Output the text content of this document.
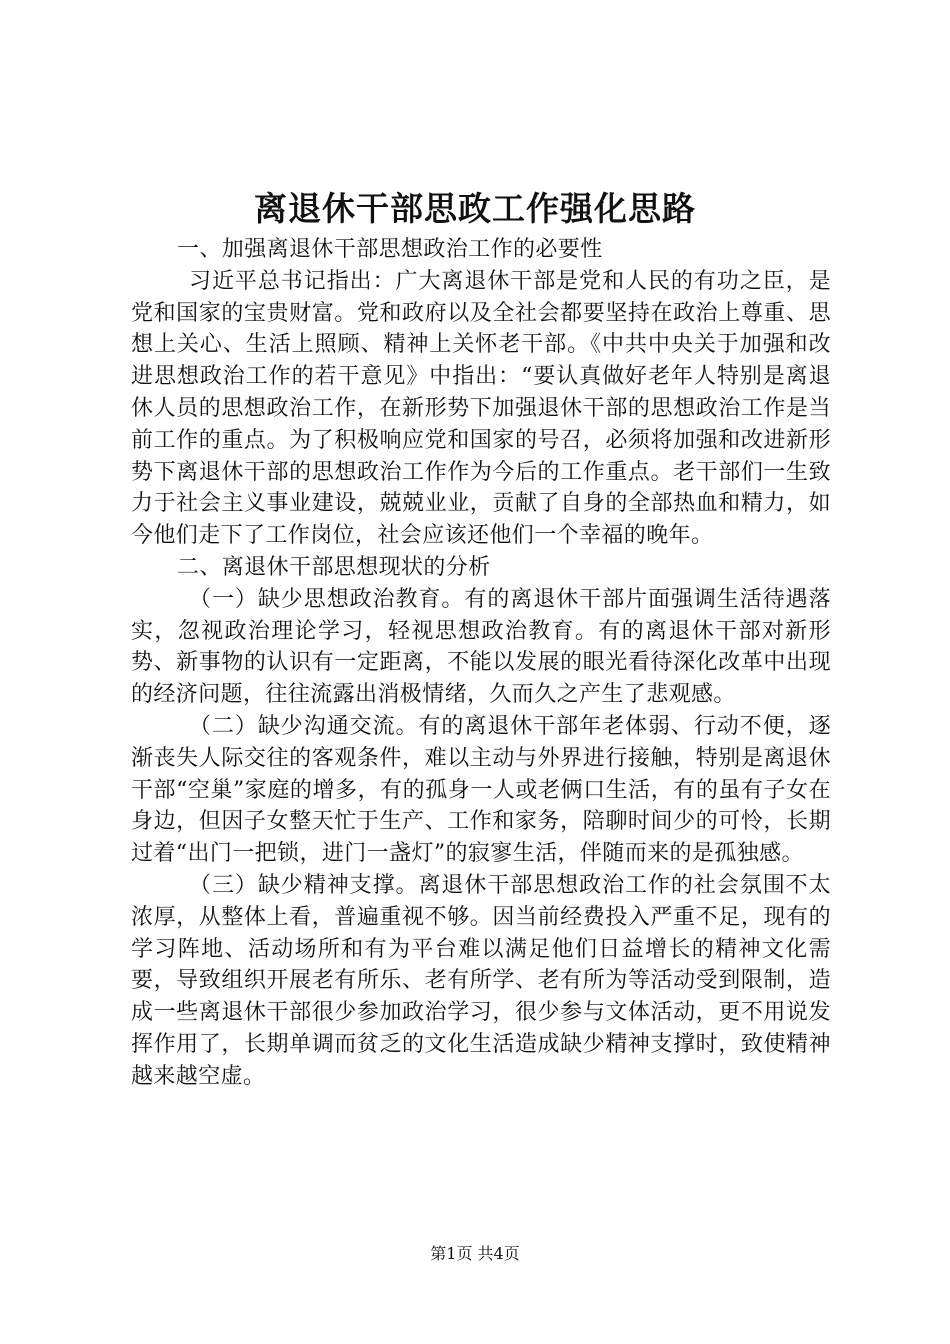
离退休干部思政工作强化思路

一、加强离退休干部思想政治工作的必要性

习近平总书记指出：广大离退休干部是党和人民的有功之臣，是党和国家的宝贵财富。党和政府以及全社会都要坚持在政治上尊重、思想上关心、生活上照顾、精神上关怀老干部。《中共中央关于加强和改进思想政治工作的若干意见》中指出：“要认真做好老年人特别是离退休人员的思想政治工作，在新形势下加强退休干部的思想政治工作是当前工作的重点。为了积极响应党和国家的号召，必须将加强和改进新形势下离退休干部的思想政治工作作为今后的工作重点。老干部们一生致力于社会主义事业建设，兢兢业业，贡献了自身的全部热血和精力，如今他们走下了工作岗位，社会应该还他们一个幸福的晚年。

二、离退休干部思想现状的分析

（一）缺少思想政治教育。有的离退休干部片面强调生活待遇落实，忽视政治理论学习，轻视思想政治教育。有的离退休干部对新形势、新事物的认识有一定距离，不能以发展的眼光看待深化改革中出现的经济问题，往往流露出消极情绪，久而久之产生了悲观感。

（二）缺少沟通交流。有的离退休干部年老体弱、行动不便，逐渐丧失人际交往的客观条件，难以主动与外界进行接触，特别是离退休干部“空巢”家庭的增多，有的孤身一人或老俩口生活，有的虽有子女在身边，但因子女整天忙于生产、工作和家务，陪聊时间少的可怜，长期过着“出门一把锁，进门一盏灯”的寂寥生活，伴随而来的是孤独感。

（三）缺少精神支撑。离退休干部思想政治工作的社会氛围不太浓厚，从整体上看，普遍重视不够。因当前经费投入严重不足，现有的学习阵地、活动场所和有为平台难以满足他们日益增长的精神文化需要，导致组织开展老有所乐、老有所学、老有所为等活动受到限制，造成一些离退休干部很少参加政治学习，很少参与文体活动，更不用说发挥作用了，长期单调而贫乏的文化生活造成缺少精神支撑时，致使精神越来越空虚。

第1页 共4页
